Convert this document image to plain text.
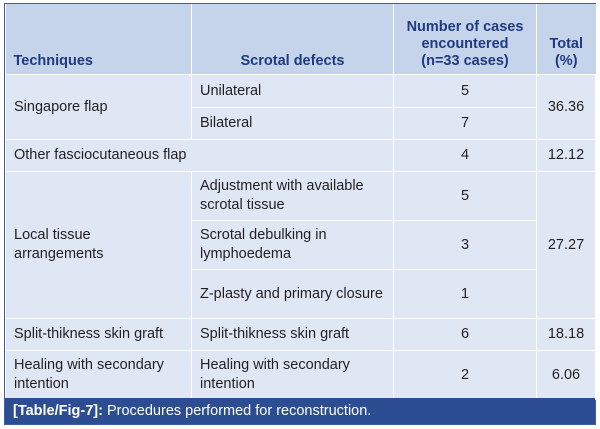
Techniques	Scrotal defects	Number of cases encountered (n=33 cases)	Total (%)
Singapore flap	Unilateral	5	36.36
	Bilateral	7	
Other fasciocutaneous flap		4	12.12
Local tissue arrangements	Adjustment with available scrotal tissue	5	27.27
	Scrotal debulking in lymphoedema	3	
	Z-plasty and primary closure	1	
Split-thikness skin graft	Split-thikness skin graft	6	18.18
Healing with secondary intention	Healing with secondary intention	2	6.06
[Table/Fig-7]: Procedures performed for reconstruction.
